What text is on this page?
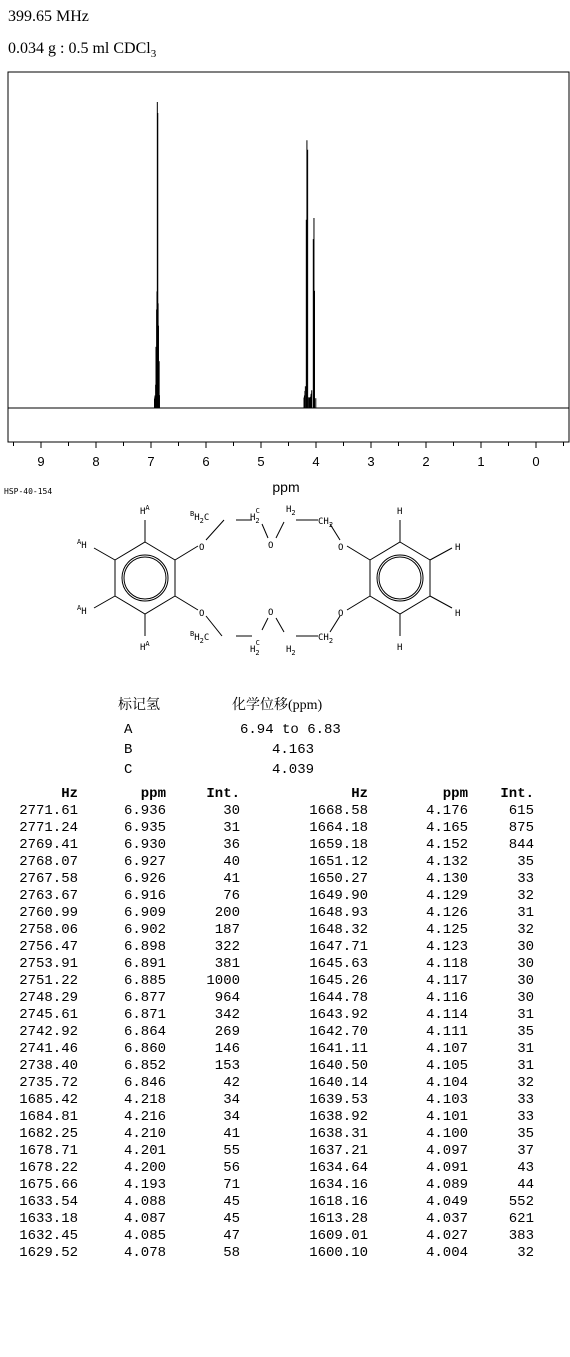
399.65 MHz
0.034 g : 0.5 ml CDCl$_3$
9	8	7	6	5	4	3	2	1	0
ppm
HSP-40-154
$H^A$
$^A$H
$^A$H
$H^A$
O
O
O
O
O
O
$^BH_2C$	$H_2C$	$H_2$
$CH_2$
$^BH_2C$
$H_2C$
$H_2$
$CH_2$
H
H
H
H
标记氢	化学位移(ppm)
A	6.94 to 6.83
B	4.163
C	4.039
Hz	ppm	Int.
2771.61	6.936	30
2771.24	6.935	31
2769.41	6.930	36
2768.07	6.927	40
2767.58	6.926	41
2763.67	6.916	76
2760.99	6.909	200
2758.06	6.902	187
2756.47	6.898	322
2753.91	6.891	381
2751.22	6.885	1000
2748.29	6.877	964
2745.61	6.871	342
2742.92	6.864	269
2741.46	6.860	146
2738.40	6.852	153
2735.72	6.846	42
1685.42	4.218	34
1684.81	4.216	34
1682.25	4.210	41
1678.71	4.201	55
1678.22	4.200	56
1675.66	4.193	71
1633.54	4.088	45
1633.18	4.087	45
1632.45	4.085	47
1629.52	4.078	58
Hz	ppm	Int.
1668.58	4.176	615
1664.18	4.165	875
1659.18	4.152	844
1651.12	4.132	35
1650.27	4.130	33
1649.90	4.129	32
1648.93	4.126	31
1648.32	4.125	32
1647.71	4.123	30
1645.63	4.118	30
1645.26	4.117	30
1644.78	4.116	30
1643.92	4.114	31
1642.70	4.111	35
1641.11	4.107	31
1640.50	4.105	31
1640.14	4.104	32
1639.53	4.103	33
1638.92	4.101	33
1638.31	4.100	35
1637.21	4.097	37
1634.64	4.091	43
1634.16	4.089	44
1618.16	4.049	552
1613.28	4.037	621
1609.01	4.027	383
1600.10	4.004	32
